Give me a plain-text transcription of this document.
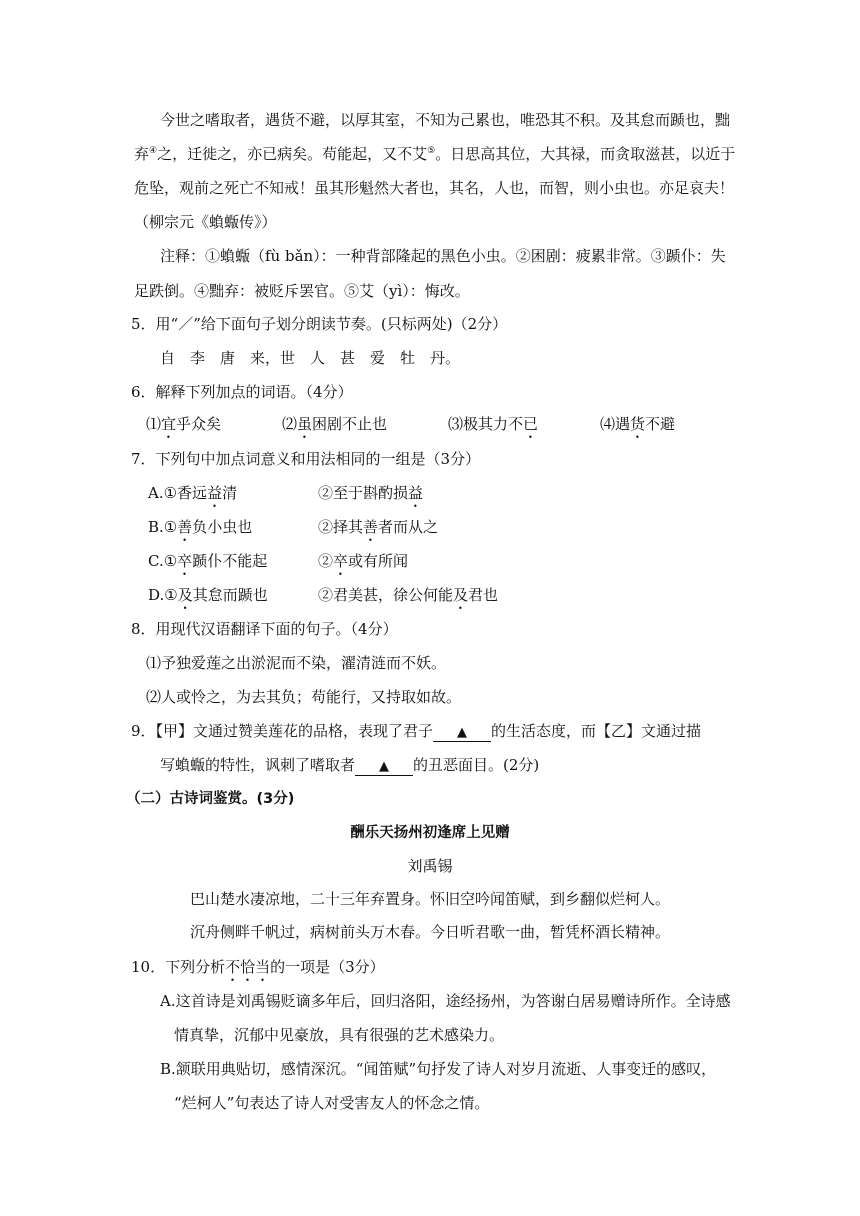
今世之嗜取者，遇货不避，以厚其室，不知为己累也，唯恐其不积。及其怠而踬也，黜
弃④之，迁徙之，亦已病矣。苟能起，又不艾⑤。日思高其位，大其禄，而贪取滋甚，以近于
危坠，观前之死亡不知戒！虽其形魁然大者也，其名，人也，而智，则小虫也。亦足哀夫！
（柳宗元《蝜蝂传》）
注释：①蝜蝂（fù bǎn）：一种背部隆起的黑色小虫。②困剧：疲累非常。③踬仆：失
足跌倒。④黜弃：被贬斥罢官。⑤艾（yì）：悔改。
5．用“／”给下面句子划分朗读节奏。(只标两处)（2分）
自　李　唐　来，世　人　甚　爱　牡　丹。
6．解释下列加点的词语。（4分）
⑴宜乎众矣	⑵虽困剧不止也	⑶极其力不已	⑷遇货不避
7．下列句中加点词意义和用法相同的一组是（3分）
A.①香远益清	②至于斟酌损益
B.①善负小虫也	②择其善者而从之
C.①卒踬仆不能起	②卒或有所闻
D.①及其怠而踬也	②君美甚，徐公何能及君也
8．用现代汉语翻译下面的句子。（4分）
⑴予独爱莲之出淤泥而不染，濯清涟而不妖。
⑵人或怜之，为去其负；苟能行，又持取如故。
9．【甲】文通过赞美莲花的品格，表现了君子 ▲ 的生活态度，而【乙】文通过描
写蝜蝂的特性，讽刺了嗜取者 ▲ 的丑恶面目。(2分)
（二）古诗词鉴赏。(3分)
酬乐天扬州初逢席上见赠
刘禹锡
巴山楚水凄凉地，二十三年弃置身。怀旧空吟闻笛赋，到乡翻似烂柯人。
沉舟侧畔千帆过，病树前头万木春。今日听君歌一曲，暂凭杯酒长精神。
10．下列分析不恰当的一项是（3分）
A.这首诗是刘禹锡贬谪多年后，回归洛阳，途经扬州，为答谢白居易赠诗所作。全诗感
情真挚，沉郁中见豪放，具有很强的艺术感染力。
B.颔联用典贴切，感情深沉。“闻笛赋”句抒发了诗人对岁月流逝、人事变迁的感叹，
“烂柯人”句表达了诗人对受害友人的怀念之情。
